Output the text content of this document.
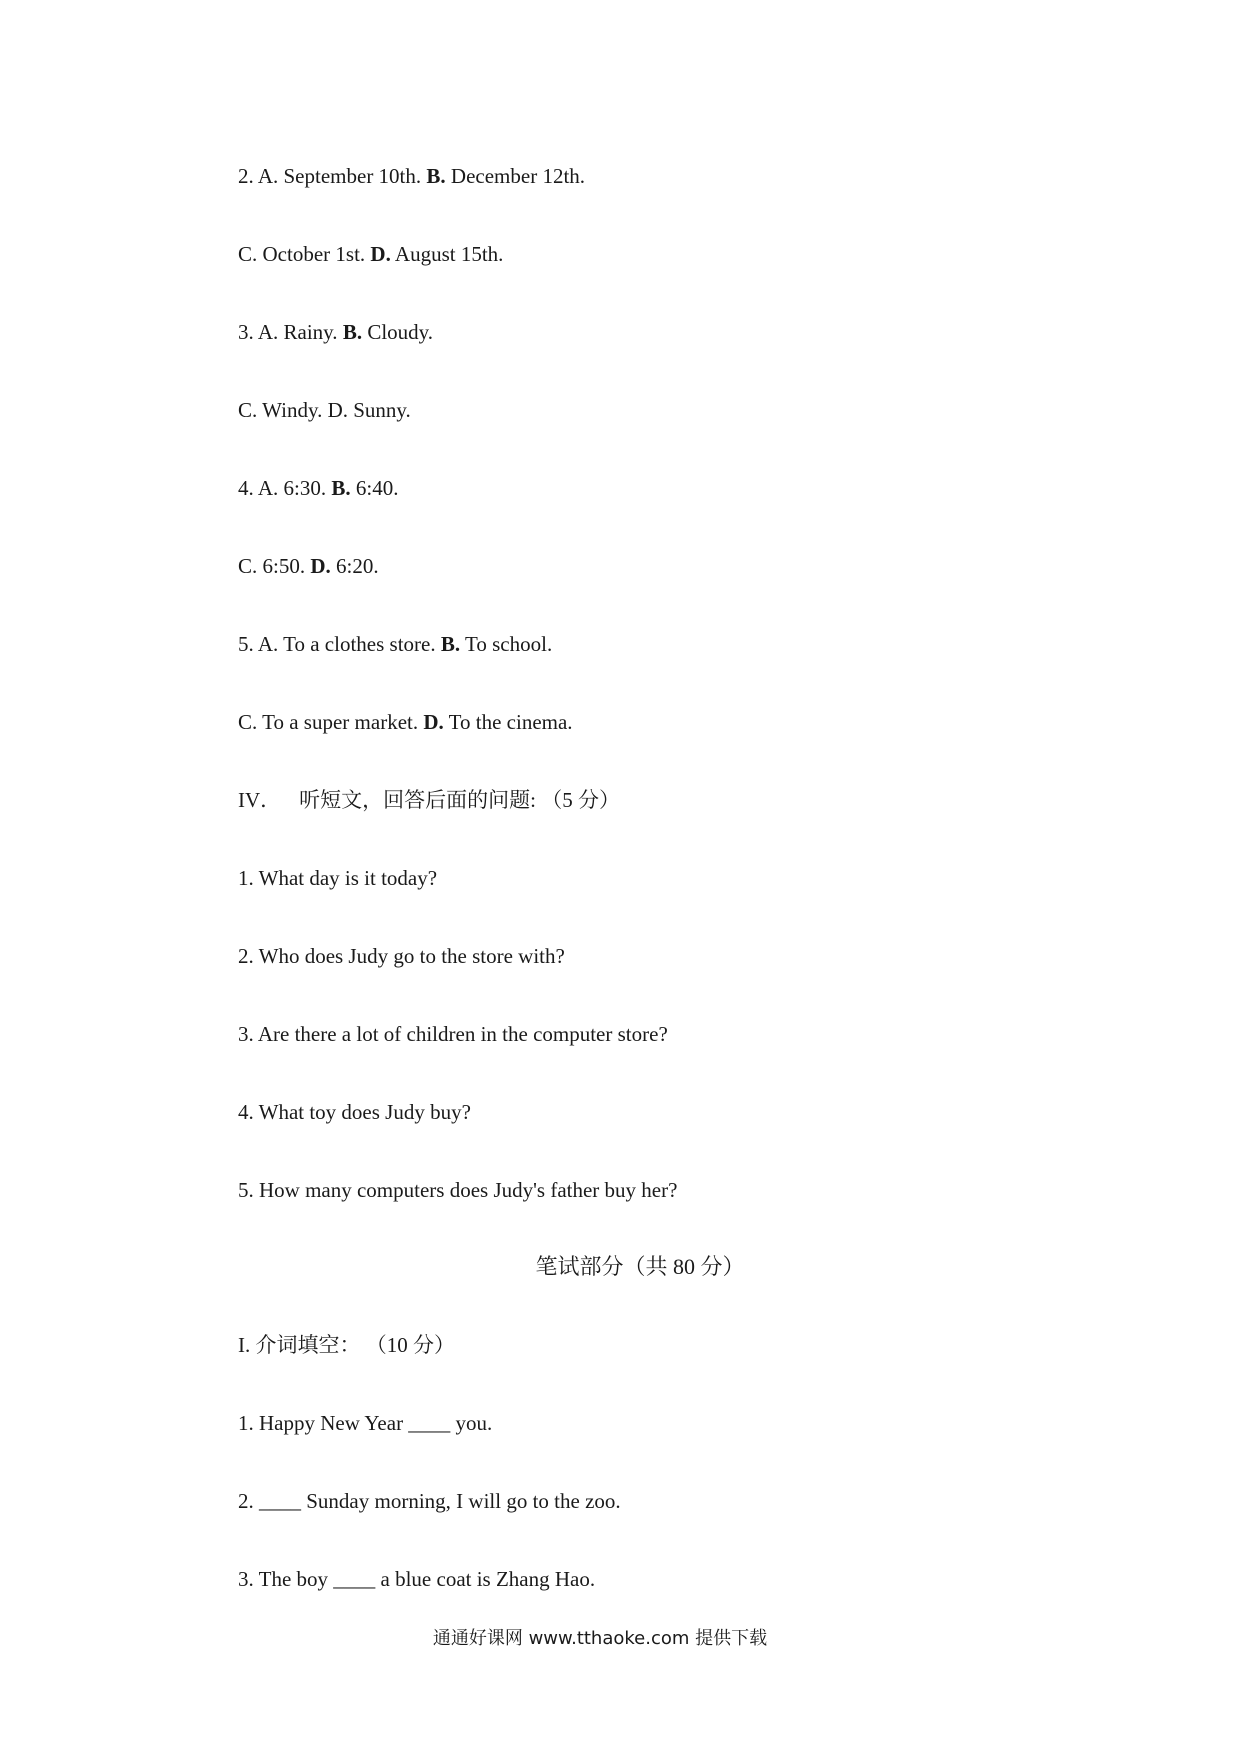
2. A. September 10th. B. December 12th.
C. October 1st. D. August 15th.
3. A. Rainy. B. Cloudy.
C. Windy. D. Sunny.
4. A. 6:30. B. 6:40.
C. 6:50. D. 6:20.
5. A. To a clothes store. B. To school.
C. To a super market. D. To the cinema.
IV． 听短文，回答后面的问题: （5 分）
1. What day is it today?
2. Who does Judy go to the store with?
3. Are there a lot of children in the computer store?
4. What toy does Judy buy?
5. How many computers does Judy's father buy her?
笔试部分（共 80 分）
I. 介词填空： （10 分）
1. Happy New Year ____ you.
2. ____ Sunday morning, I will go to the zoo.
3. The boy ____ a blue coat is Zhang Hao.
通通好课网 www.tthaoke.com 提供下载
